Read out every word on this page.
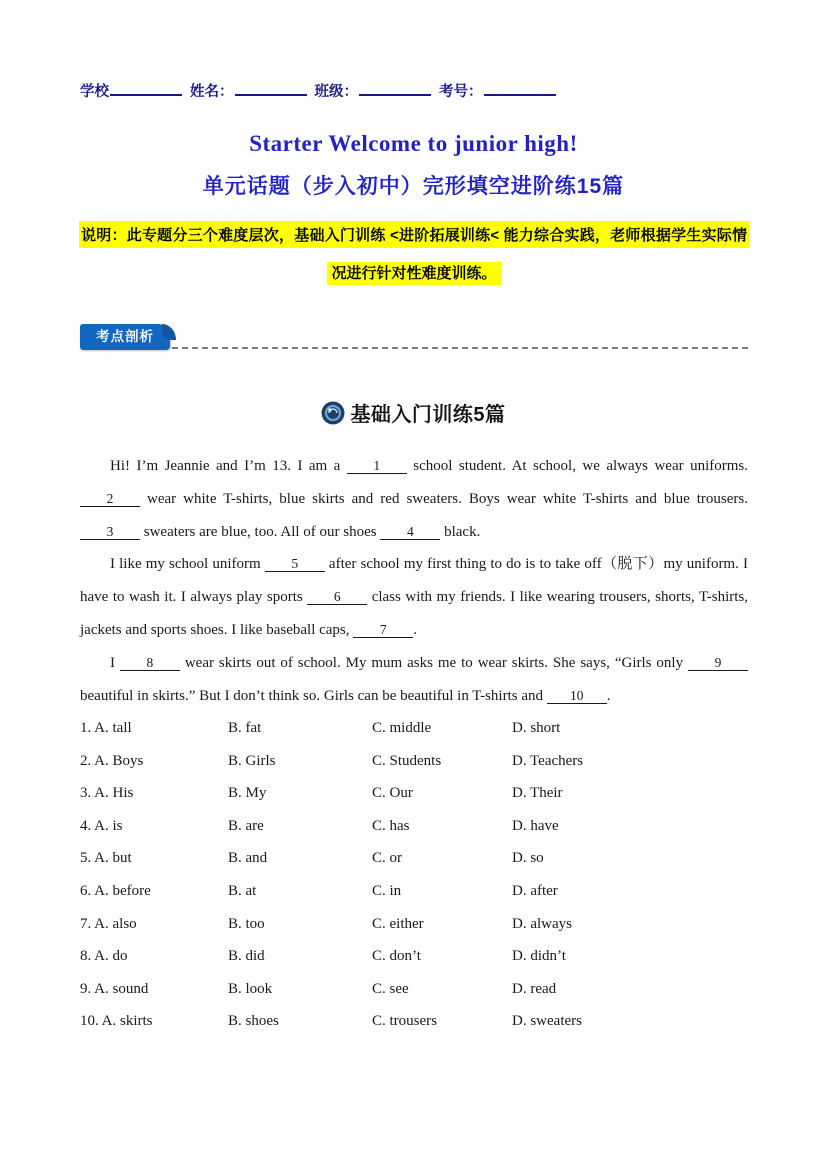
学校	姓名：	班级：	考号：
Starter Welcome to junior high!
单元话题（步入初中）完形填空进阶练15篇
说明：此专题分三个难度层次，基础入门训练 <进阶拓展训练< 能力综合实践，老师根据学生实际情
况进行针对性难度训练。
考点剖析
基础入门训练5篇

Hi! I’m Jeannie and I’m 13. I am a 1 school student. At school, we always wear uniforms. 2 wear white T-shirts, blue skirts and red sweaters. Boys wear white T-shirts and blue trousers. 3 sweaters are blue, too. All of our shoes 4 black.

I like my school uniform 5 after school my first thing to do is to take off（脱下）my uniform. I have to wash it. I always play sports 6 class with my friends. I like wearing trousers, shorts, T-shirts, jackets and sports shoes. I like baseball caps, 7 .

I 8 wear skirts out of school. My mum asks me to wear skirts. She says, “Girls only 9 beautiful in skirts.” But I don’t think so. Girls can be beautiful in T-shirts and 10 .

1. A. tall	B. fat	C. middle	D. short
2. A. Boys	B. Girls	C. Students	D. Teachers
3. A. His	B. My	C. Our	D. Their
4. A. is	B. are	C. has	D. have
5. A. but	B. and	C. or	D. so
6. A. before	B. at	C. in	D. after
7. A. also	B. too	C. either	D. always
8. A. do	B. did	C. don’t	D. didn’t
9. A. sound	B. look	C. see	D. read
10. A. skirts	B. shoes	C. trousers	D. sweaters
